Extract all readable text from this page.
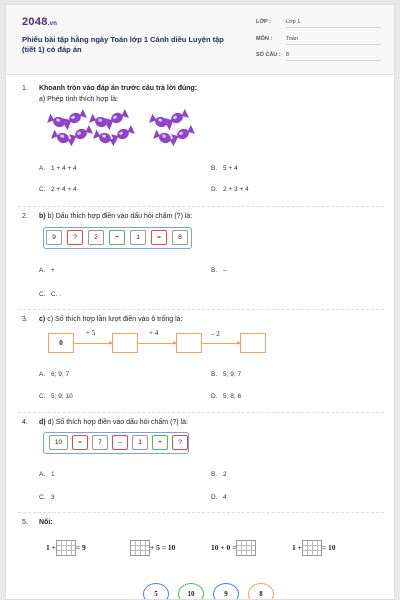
2048.vn
Phiếu bài tập hằng ngày Toán lớp 1 Cánh diều Luyện tập (tiết 1) có đáp án
LỚP :	Lớp 1
MÔN :	Toán
SỐ CÂU : 8
1. Khoanh tròn vào đáp án trước câu trả lời đúng:
a) Phép tính thích hợp là:
A. 1 + 4 + 4	B. 5 + 4
C. 2 + 4 + 4	D. 2 + 3 + 4
2. b) b) Dấu thích hợp điền vào dấu hỏi chấm (?) là:
9	?	2	+	1	=	8
A. +	B. –
C. C. .
3. c) c) Số thích hợp lần lượt điền vào ô trống là:
0
+ 5	+ 4	– 2
A. 6; 9; 7	B. 5; 9; 7
C. 5; 9; 10	D. 5; 8; 6
4. d) d) Số thích hợp điền vào dấu hỏi chấm (?) là:
10	=	7	–	1	+	?
A. 1	B. 2
C. 3	D. 4
5. Nối:
1 +	= 9	+ 5 = 10	10 + 0 =	1 +	= 10
5	10	9	8
